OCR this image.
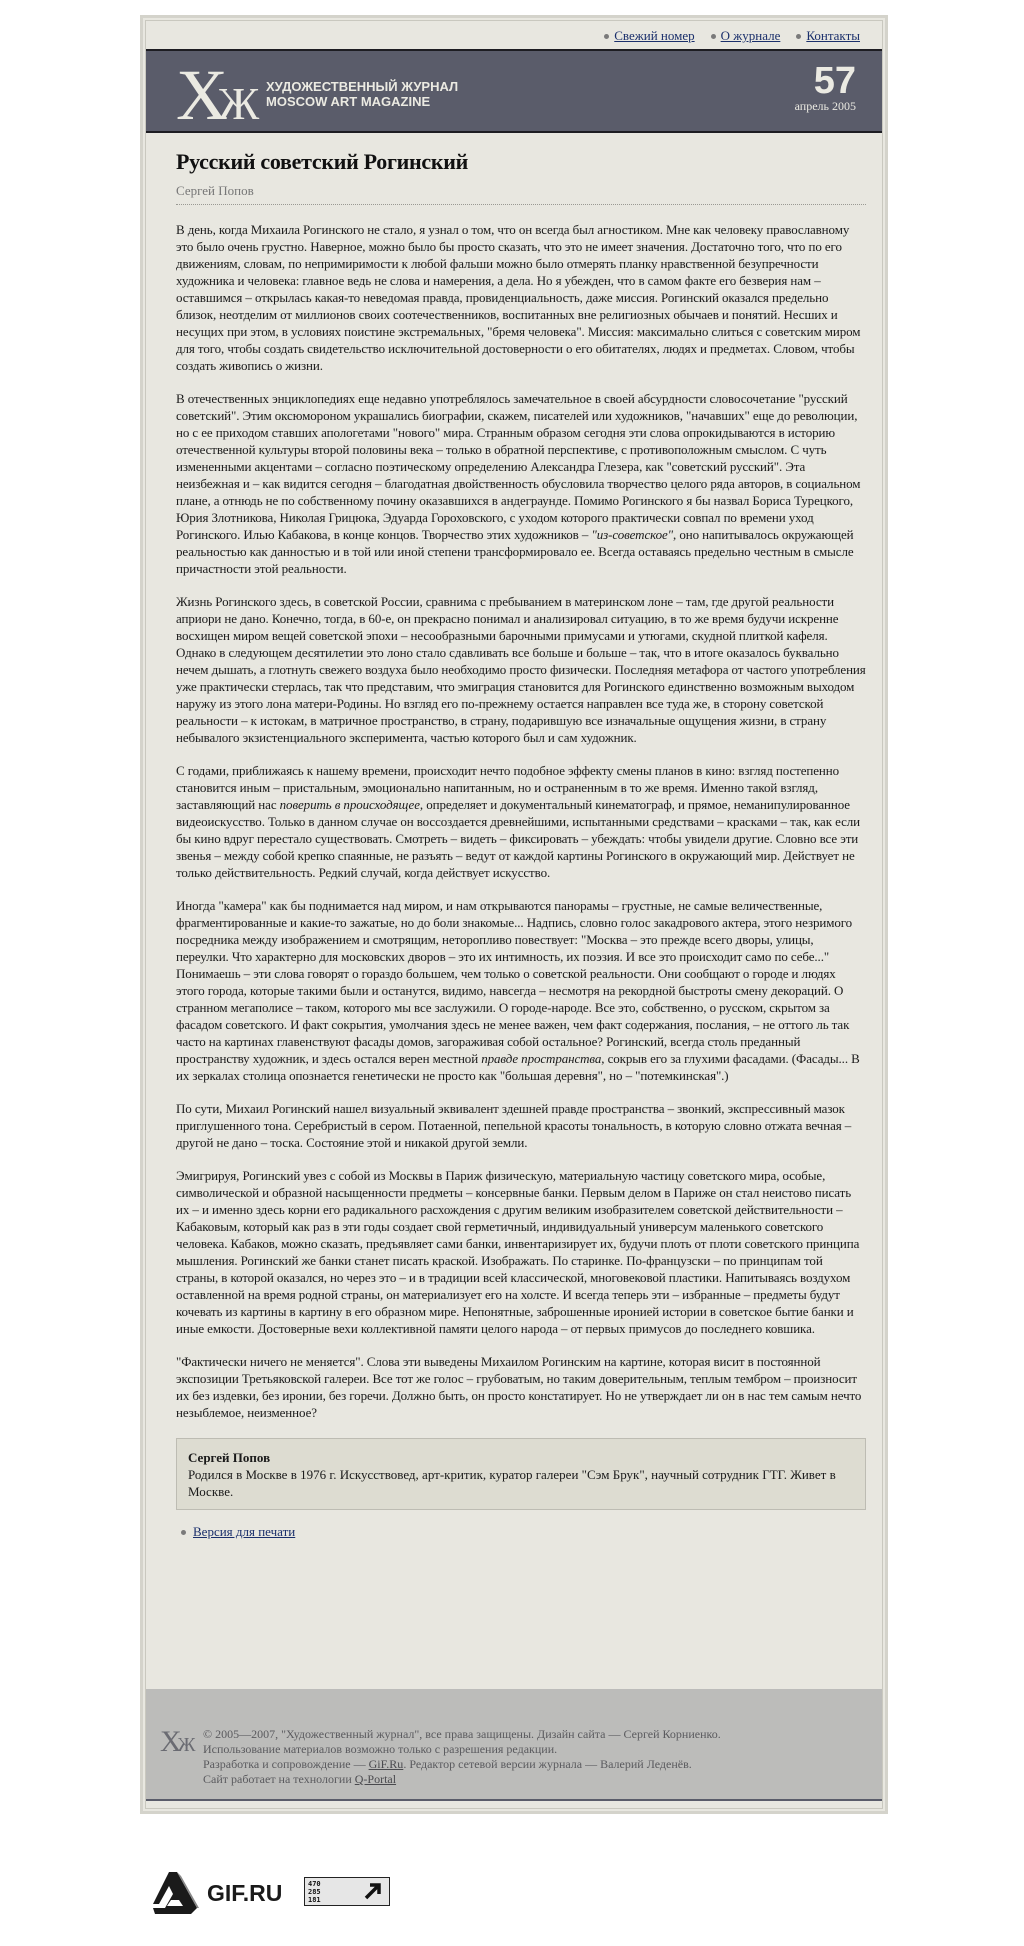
Свежий номер О журнале Контакты
ХЖ ХУДОЖЕСТВЕННЫЙ ЖУРНАЛ
MOSCOW ART MAGAZINE	57
апрель 2005
Русский советский Рогинский
Сергей Попов

В день, когда Михаила Рогинского не стало, я узнал о том, что он всегда был агностиком. Мне как человеку православному это было очень грустно. Наверное, можно было бы просто сказать, что это не имеет значения. Достаточно того, что по его движениям, словам, по непримиримости к любой фальши можно было отмерять планку нравственной безупречности художника и человека: главное ведь не слова и намерения, а дела. Но я убежден, что в самом факте его безверия нам – оставшимся – открылась какая-то неведомая правда, провиденциальность, даже миссия. Рогинский оказался предельно близок, неотделим от миллионов своих соотечественников, воспитанных вне религиозных обычаев и понятий. Несших и несущих при этом, в условиях поистине экстремальных, "бремя человека". Миссия: максимально слиться с советским миром для того, чтобы создать свидетельство исключительной достоверности о его обитателях, людях и предметах. Словом, чтобы создать живопись о жизни.

В отечественных энциклопедиях еще недавно употреблялось замечательное в своей абсурдности словосочетание "русский советский". Этим оксюмороном украшались биографии, скажем, писателей или художников, "начавших" еще до революции, но с ее приходом ставших апологетами "нового" мира. Странным образом сегодня эти слова опрокидываются в историю отечественной культуры второй половины века – только в обратной перспективе, с противоположным смыслом. С чуть измененными акцентами – согласно поэтическому определению Александра Глезера, как "советский русский". Эта неизбежная и – как видится сегодня – благодатная двойственность обусловила творчество целого ряда авторов, в социальном плане, а отнюдь не по собственному почину оказавшихся в андеграунде. Помимо Рогинского я бы назвал Бориса Турецкого, Юрия Злотникова, Николая Грицюка, Эдуарда Гороховского, с уходом которого практически совпал по времени уход Рогинского. Илью Кабакова, в конце концов. Творчество этих художников – "из-советское", оно напитывалось окружающей реальностью как данностью и в той или иной степени трансформировало ее. Всегда оставаясь предельно честным в смысле причастности этой реальности.

Жизнь Рогинского здесь, в советской России, сравнима с пребыванием в материнском лоне – там, где другой реальности априори не дано. Конечно, тогда, в 60-е, он прекрасно понимал и анализировал ситуацию, в то же время будучи искренне восхищен миром вещей советской эпохи – несообразными барочными примусами и утюгами, скудной плиткой кафеля. Однако в следующем десятилетии это лоно стало сдавливать все больше и больше – так, что в итоге оказалось буквально нечем дышать, а глотнуть свежего воздуха было необходимо просто физически. Последняя метафора от частого употребления уже практически стерлась, так что представим, что эмиграция становится для Рогинского единственно возможным выходом наружу из этого лона матери-Родины. Но взгляд его по-прежнему остается направлен все туда же, в сторону советской реальности – к истокам, в матричное пространство, в страну, подарившую все изначальные ощущения жизни, в страну небывалого экзистенциального эксперимента, частью которого был и сам художник.

С годами, приближаясь к нашему времени, происходит нечто подобное эффекту смены планов в кино: взгляд постепенно становится иным – пристальным, эмоционально напитанным, но и остраненным в то же время. Именно такой взгляд, заставляющий нас поверить в происходящее, определяет и документальный кинематограф, и прямое, неманипулированное видеоискусство. Только в данном случае он воссоздается древнейшими, испытанными средствами – красками – так, как если бы кино вдруг перестало существовать. Смотреть – видеть – фиксировать – убеждать: чтобы увидели другие. Словно все эти звенья – между собой крепко спаянные, не разъять – ведут от каждой картины Рогинского в окружающий мир. Действует не только действительность. Редкий случай, когда действует искусство.

Иногда "камера" как бы поднимается над миром, и нам открываются панорамы – грустные, не самые величественные, фрагментированные и какие-то зажатые, но до боли знакомые... Надпись, словно голос закадрового актера, этого незримого посредника между изображением и смотрящим, неторопливо повествует: "Москва – это прежде всего дворы, улицы, переулки. Что характерно для московских дворов – это их интимность, их поэзия. И все это происходит само по себе..." Понимаешь – эти слова говорят о гораздо большем, чем только о советской реальности. Они сообщают о городе и людях этого города, которые такими были и останутся, видимо, навсегда – несмотря на рекордной быстроты смену декораций. О странном мегаполисе – таком, которого мы все заслужили. О городе-народе. Все это, собственно, о русском, скрытом за фасадом советского. И факт сокрытия, умолчания здесь не менее важен, чем факт содержания, послания, – не оттого ль так часто на картинах главенствуют фасады домов, загораживая собой остальное? Рогинский, всегда столь преданный пространству художник, и здесь остался верен местной правде пространства, сокрыв его за глухими фасадами. (Фасады... В их зеркалах столица опознается генетически не просто как "большая деревня", но – "потемкинская".)

По сути, Михаил Рогинский нашел визуальный эквивалент здешней правде пространства – звонкий, экспрессивный мазок приглушенного тона. Серебристый в сером. Потаенной, пепельной красоты тональность, в которую словно отжата вечная – другой не дано – тоска. Состояние этой и никакой другой земли.

Эмигрируя, Рогинский увез с собой из Москвы в Париж физическую, материальную частицу советского мира, особые, символической и образной насыщенности предметы – консервные банки. Первым делом в Париже он стал неистово писать их – и именно здесь корни его радикального расхождения с другим великим изобразителем советской действительности – Кабаковым, который как раз в эти годы создает свой герметичный, индивидуальный универсум маленького советского человека. Кабаков, можно сказать, предъявляет сами банки, инвентаризирует их, будучи плоть от плоти советского принципа мышления. Рогинский же банки станет писать краской. Изображать. По старинке. По-французски – по принципам той страны, в которой оказался, но через это – и в традиции всей классической, многовековой пластики. Напитываясь воздухом оставленной на время родной страны, он материализует его на холсте. И всегда теперь эти – избранные – предметы будут кочевать из картины в картину в его образном мире. Непонятные, заброшенные иронией истории в советское бытие банки и иные емкости. Достоверные вехи коллективной памяти целого народа – от первых примусов до последнего ковшика.

"Фактически ничего не меняется". Слова эти выведены Михаилом Рогинским на картине, которая висит в постоянной экспозиции Третьяковской галереи. Все тот же голос – грубоватым, но таким доверительным, теплым тембром – произносит их без издевки, без иронии, без горечи. Должно быть, он просто констатирует. Но не утверждает ли он в нас тем самым нечто незыблемое, неизменное?

Сергей Попов
Родился в Москве в 1976 г. Искусствовед, арт-критик, куратор галереи "Сэм Брук", научный сотрудник ГТГ. Живет в Москве.
Версия для печати
ХЖ © 2005—2007, "Художественный журнал", все права защищены. Дизайн сайта — Сергей Корниенко.
Использование материалов возможно только с разрешения редакции.
Разработка и сопровождение — GiF.Ru. Редактор сетевой версии журнала — Валерий Леденёв.
Сайт работает на технологии Q-Portal
GIF.RU	470
285
181
